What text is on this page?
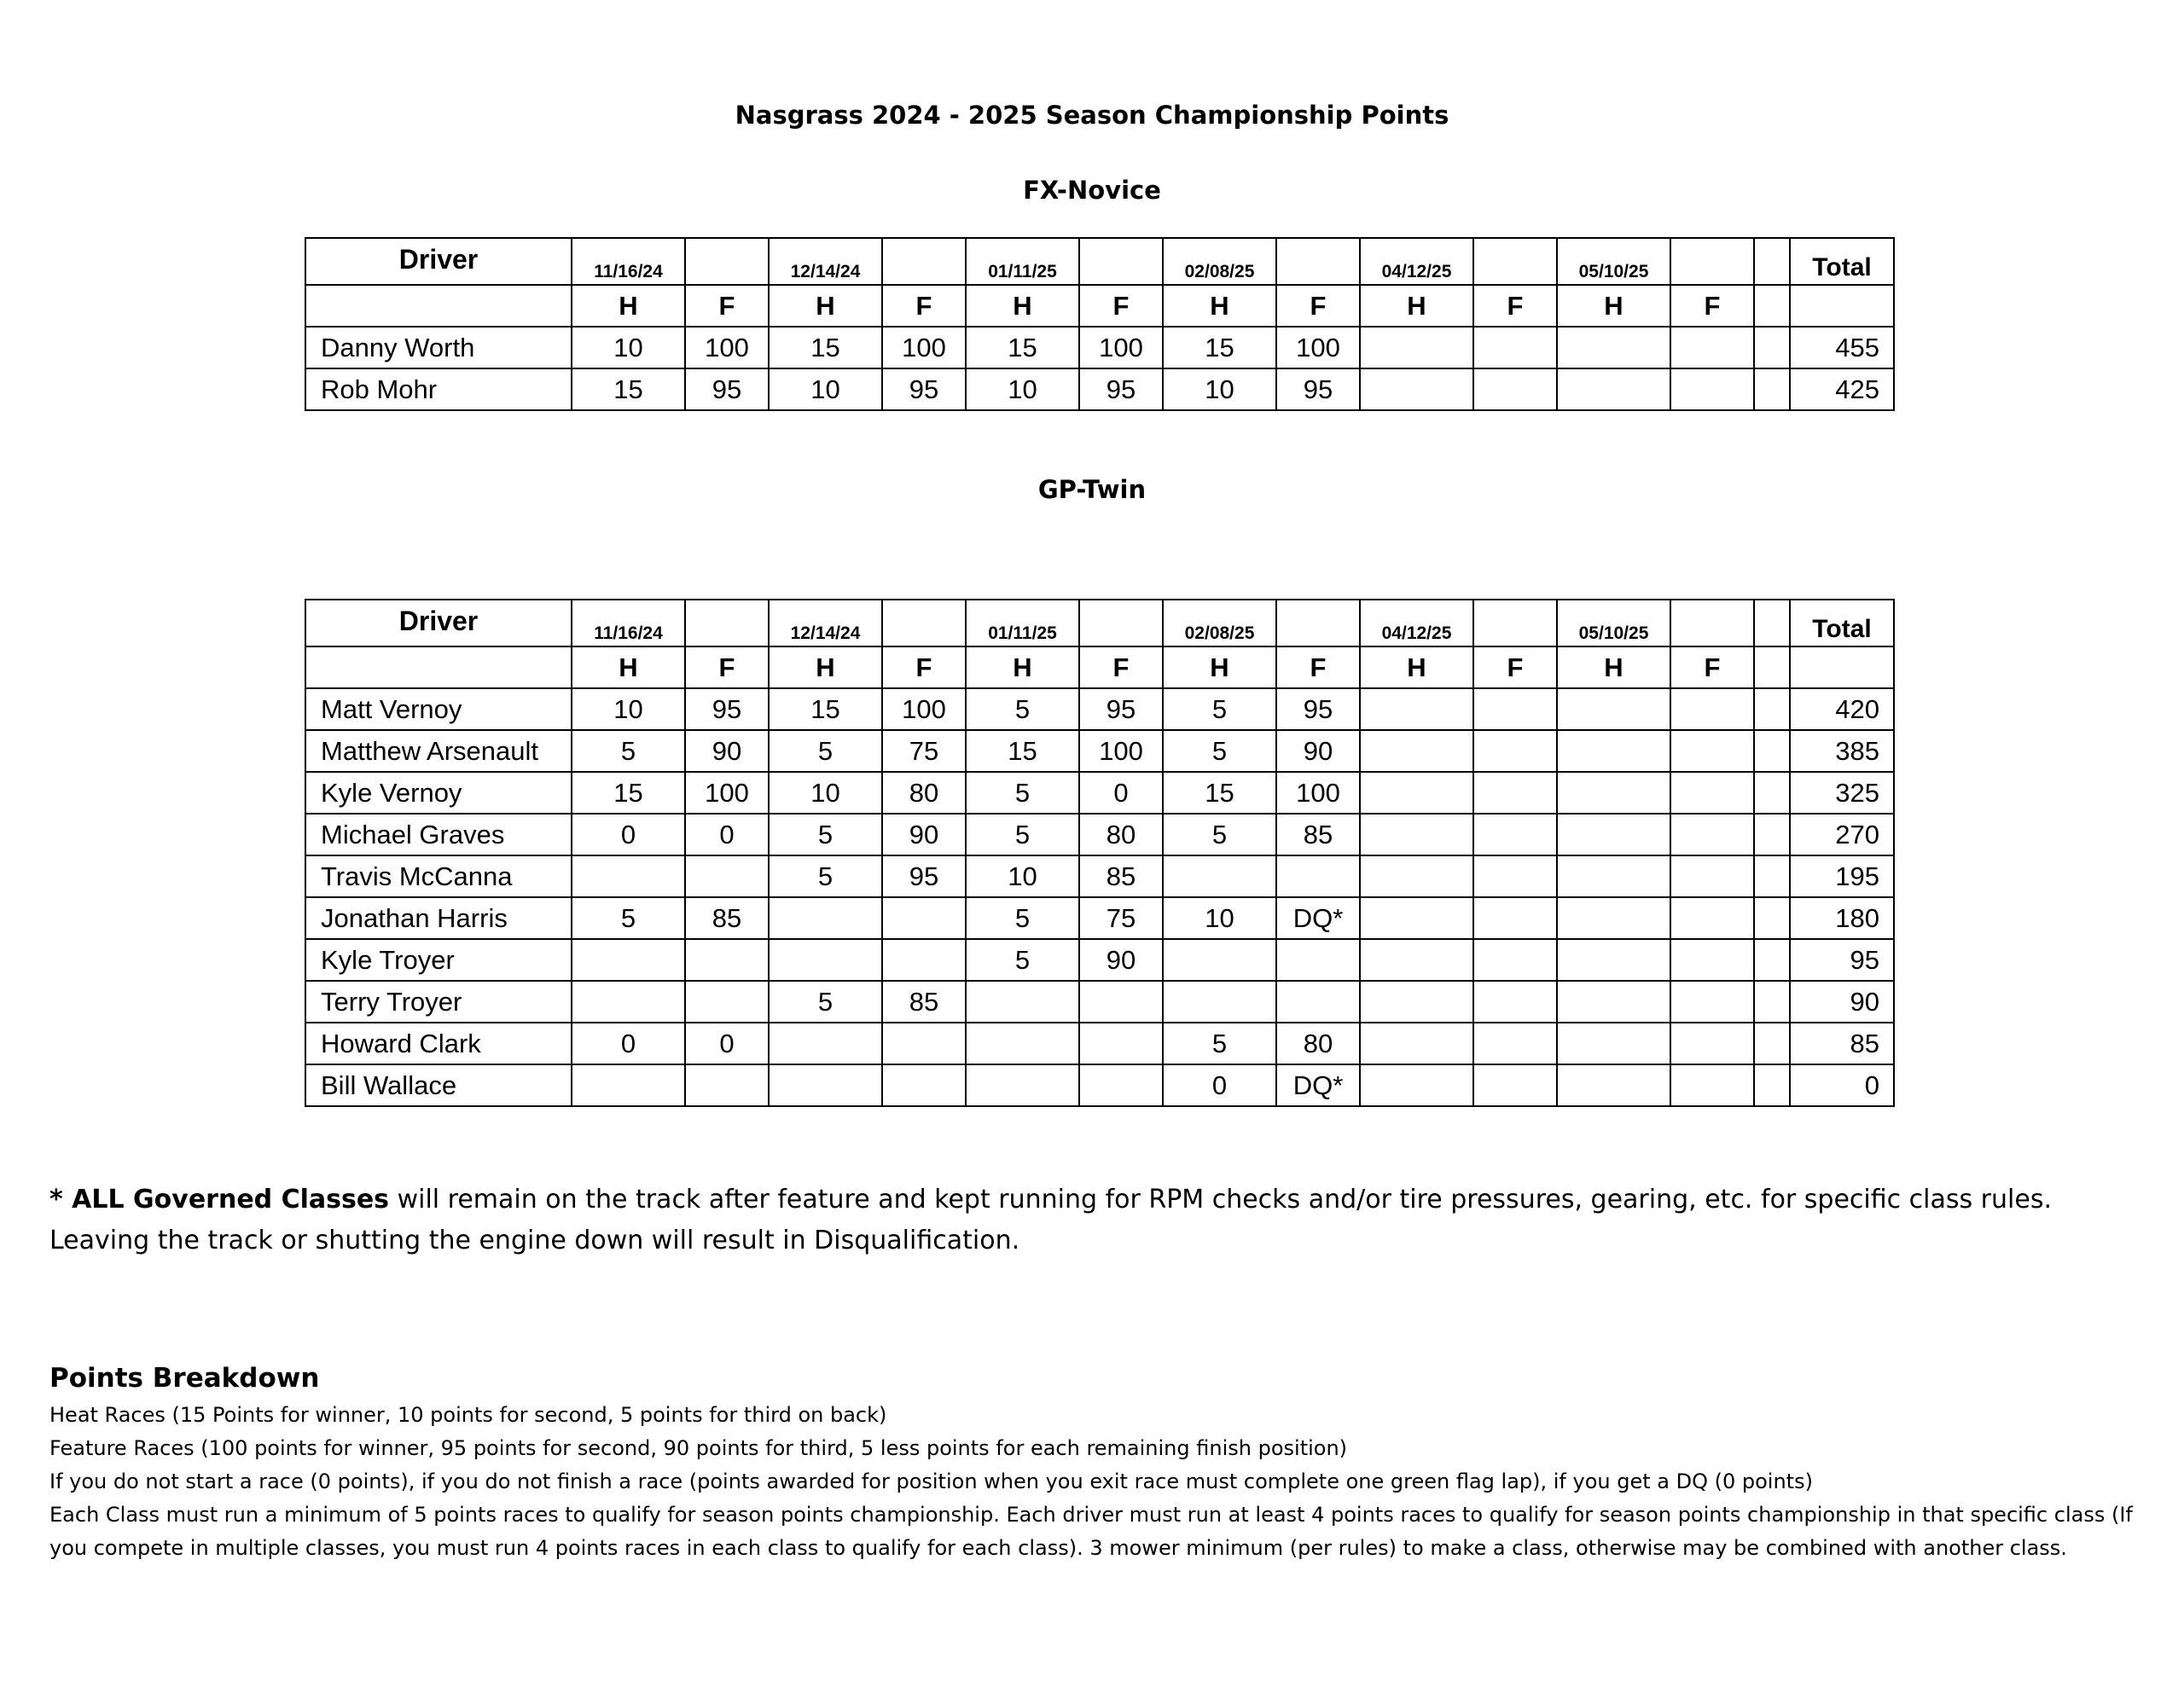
Nasgrass 2024 - 2025 Season Championship Points
FX-Novice
Driver	11/16/24		12/14/24		01/11/25		02/08/25		04/12/25		05/10/25			Total
	H	F	H	F	H	F	H	F	H	F	H	F		
Danny Worth	10	100	15	100	15	100	15	100						455
Rob Mohr	15	95	10	95	10	95	10	95						425
GP-Twin
Driver	11/16/24		12/14/24		01/11/25		02/08/25		04/12/25		05/10/25			Total
	H	F	H	F	H	F	H	F	H	F	H	F		
Matt Vernoy	10	95	15	100	5	95	5	95						420
Matthew Arsenault	5	90	5	75	15	100	5	90						385
Kyle Vernoy	15	100	10	80	5	0	15	100						325
Michael Graves	0	0	5	90	5	80	5	85						270
Travis McCanna			5	95	10	85								195
Jonathan Harris	5	85			5	75	10	DQ*						180
Kyle Troyer					5	90								95
Terry Troyer			5	85										90
Howard Clark	0	0					5	80						85
Bill Wallace							0	DQ*						0
* ALL Governed Classes will remain on the track after feature and kept running for RPM checks and/or tire pressures, gearing, etc. for specific class rules. Leaving the track or shutting the engine down will result in Disqualification.
Points Breakdown

Heat Races (15 Points for winner, 10 points for second, 5 points for third on back)

Feature Races (100 points for winner, 95 points for second, 90 points for third, 5 less points for each remaining finish position)

If you do not start a race (0 points), if you do not finish a race (points awarded for position when you exit race must complete one green flag lap), if you get a DQ (0 points)

Each Class must run a minimum of 5 points races to qualify for season points championship. Each driver must run at least 4 points races to qualify for season points championship in that specific class (If you compete in multiple classes, you must run 4 points races in each class to qualify for each class). 3 mower minimum (per rules) to make a class, otherwise may be combined with another class.
